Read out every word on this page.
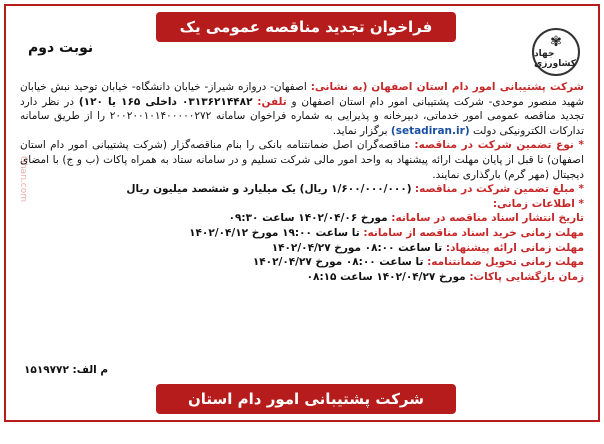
فراخوان تجدید مناقصه عمومی یک مرحله‌ای
نوبت دوم	✾
جهاد کشاورزی
Ghan.com

شرکت پشتیبانی امور دام استان اصفهان (به نشانی: اصفهان- دروازه شیراز- خیابان دانشگاه- خیابان توحید نبش خیابان شهید منصور موحدی- شرکت پشتیبانی امور دام استان اصفهان و تلفن: ۰۳۱۳۶۲۱۴۴۸۲ داخلی ۱۶۵ یا ۱۲۰) در نظر دارد تجدید مناقصه عمومی امور خدماتی، دبیرخانه و پذیرایی به شماره فراخوان سامانه ۲۰۰۲۰۰۱۰۱۴۰۰۰۰۰۲۷۲ را از طریق سامانه تدارکات الکترونیکی دولت (setadiran.ir) برگزار نماید.

* نوع تضمین شرکت در مناقصه: مناقصه‌گران اصل ضمانتنامه بانکی را بنام مناقصه‌گزار (شرکت پشتیبانی امور دام استان اصفهان) تا قبل از پایان مهلت ارائه پیشنهاد به واحد امور مالی شرکت تسلیم و در سامانه ستاد به همراه پاکات (ب و ج) با امضای دیجیتال (مهر گرم) بارگذاری نمایند.

* مبلغ تضمین شرکت در مناقصه: (۱/۶۰۰/۰۰۰/۰۰۰ ریال) یک میلیارد و ششصد میلیون ریال

* اطلاعات زمانی:

تاریخ انتشار اسناد مناقصه در سامانه: مورخ ۱۴۰۲/۰۴/۰۶ ساعت ۰۹:۳۰

مهلت زمانی خرید اسناد مناقصه از سامانه: تا ساعت ۱۹:۰۰ مورخ ۱۴۰۲/۰۴/۱۲

مهلت زمانی ارائه پیشنهاد: تا ساعت ۰۸:۰۰ مورخ ۱۴۰۲/۰۴/۲۷

مهلت زمانی تحویل ضمانتنامه: تا ساعت ۰۸:۰۰ مورخ ۱۴۰۲/۰۴/۲۷

زمان بازگشایی پاکات: مورخ ۱۴۰۲/۰۴/۲۷ ساعت ۰۸:۱۵

م الف: ۱۵۱۹۷۷۲
شرکت پشتیبانی امور دام استان اصفهان
